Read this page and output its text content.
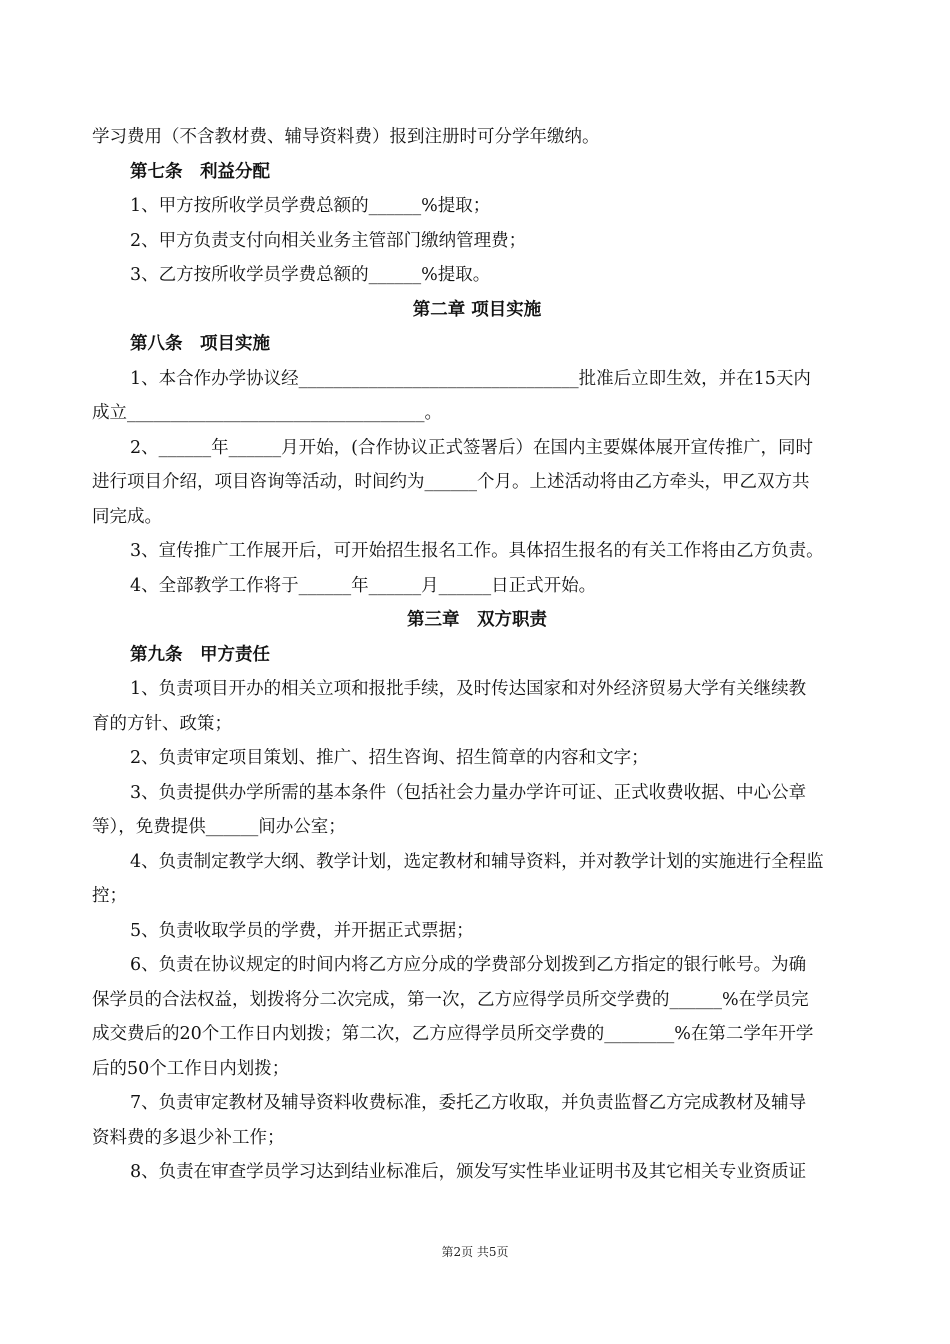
学习费用（不含教材费、辅导资料费）报到注册时可分学年缴纳。
第七条　利益分配
1、甲方按所收学员学费总额的______%提取；
2、甲方负责支付向相关业务主管部门缴纳管理费；
3、乙方按所收学员学费总额的______%提取。
第二章 项目实施
第八条　项目实施
1、本合作办学协议经________________________________批准后立即生效，并在15天内
成立__________________________________。
2、______年______月开始，(合作协议正式签署后）在国内主要媒体展开宣传推广，同时
进行项目介绍，项目咨询等活动，时间约为______个月。上述活动将由乙方牵头，甲乙双方共
同完成。
3、宣传推广工作展开后，可开始招生报名工作。具体招生报名的有关工作将由乙方负责。
4、全部教学工作将于______年______月______日正式开始。
第三章　双方职责
第九条　甲方责任
1、负责项目开办的相关立项和报批手续，及时传达国家和对外经济贸易大学有关继续教
育的方针、政策；
2、负责审定项目策划、推广、招生咨询、招生简章的内容和文字；
3、负责提供办学所需的基本条件（包括社会力量办学许可证、正式收费收据、中心公章
等），免费提供______间办公室；
4、负责制定教学大纲、教学计划，选定教材和辅导资料，并对教学计划的实施进行全程监
控；
5、负责收取学员的学费，并开据正式票据；
6、负责在协议规定的时间内将乙方应分成的学费部分划拨到乙方指定的银行帐号。为确
保学员的合法权益，划拨将分二次完成，第一次，乙方应得学员所交学费的______%在学员完
成交费后的20个工作日内划拨；第二次，乙方应得学员所交学费的________%在第二学年开学
后的50个工作日内划拨；
7、负责审定教材及辅导资料收费标准，委托乙方收取，并负责监督乙方完成教材及辅导
资料费的多退少补工作；
8、负责在审查学员学习达到结业标准后，颁发写实性毕业证明书及其它相关专业资质证
第2页 共5页
